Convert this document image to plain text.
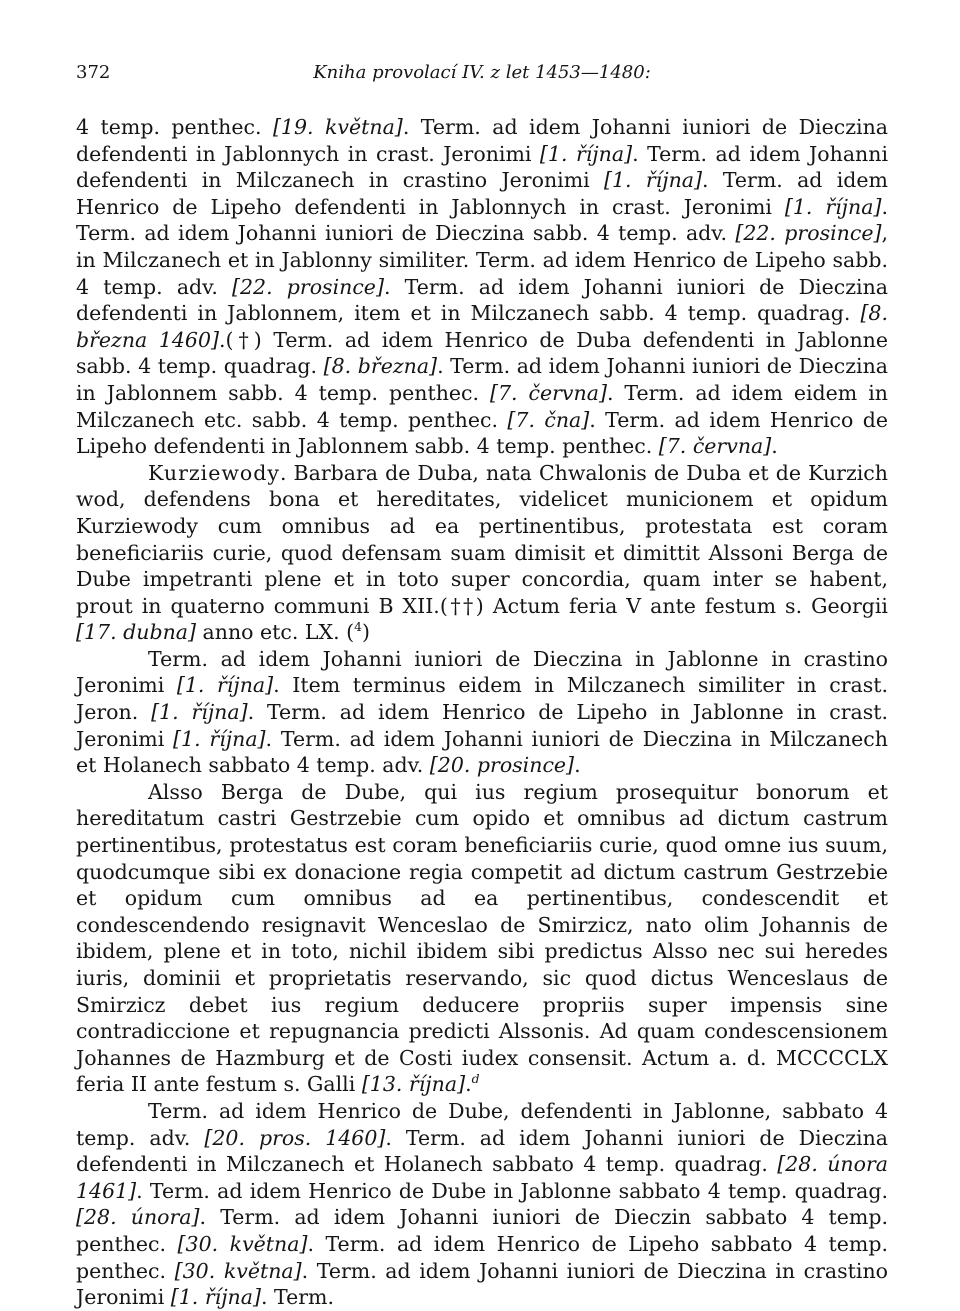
372	Kniha provolací IV. z let 1453—1480:

4 temp. penthec. [19. května]. Term. ad idem Johanni iuniori de Dieczina defendenti in Jablonnych in crast. Jeronimi [1. října]. Term. ad idem Johanni defendenti in Milczanech in crastino Jeronimi [1. října]. Term. ad idem Henrico de Lipeho defendenti in Jablonnych in crast. Jeronimi [1. října]. Term. ad idem Johanni iuniori de Dieczina sabb. 4 temp. adv. [22. prosince], in Milczanech et in Jablonny similiter. Term. ad idem Henrico de Lipeho sabb. 4 temp. adv. [22. prosince]. Term. ad idem Johanni iuniori de Dieczina defendenti in Jablonnem, item et in Milczanech sabb. 4 temp. quadrag. [8. března 1460].(†) Term. ad idem Henrico de Duba defendenti in Jablonne sabb. 4 temp. quadrag. [8. března]. Term. ad idem Johanni iuniori de Dieczina in Jablonnem sabb. 4 temp. penthec. [7. června]. Term. ad idem eidem in Milczanech etc. sabb. 4 temp. penthec. [7. čna]. Term. ad idem Henrico de Lipeho defendenti in Jablonnem sabb. 4 temp. penthec. [7. června].

Kurziewody. Barbara de Duba, nata Chwalonis de Duba et de Kurzich wod, defendens bona et hereditates, videlicet municionem et opidum Kurziewody cum omnibus ad ea pertinentibus, protestata est coram beneficiariis curie, quod defensam suam dimisit et dimittit Alssoni Berga de Dube impetranti plene et in toto super concordia, quam inter se habent, prout in quaterno communi B XII.(††) Actum feria V ante festum s. Georgii [17. dubna] anno etc. LX. ($^4$)

Term. ad idem Johanni iuniori de Dieczina in Jablonne in crastino Jeronimi [1. října]. Item terminus eidem in Milczanech similiter in crast. Jeron. [1. října]. Term. ad idem Henrico de Lipeho in Jablonne in crast. Jeronimi [1. října]. Term. ad idem Johanni iuniori de Dieczina in Milczanech et Holanech sabbato 4 temp. adv. [20. prosince].

Alsso Berga de Dube, qui ius regium prosequitur bonorum et hereditatum castri Gestrzebie cum opido et omnibus ad dictum castrum pertinentibus, protestatus est coram beneficiariis curie, quod omne ius suum, quodcumque sibi ex donacione regia competit ad dictum castrum Gestrzebie et opidum cum omnibus ad ea pertinentibus, condescendit et condescendendo resignavit Wenceslao de Smirzicz, nato olim Johannis de ibidem, plene et in toto, nichil ibidem sibi predictus Alsso nec sui heredes iuris, dominii et proprietatis reservando, sic quod dictus Wenceslaus de Smirzicz debet ius regium deducere propriis super impensis sine contradiccione et repugnancia predicti Alssonis. Ad quam condescensionem Johannes de Hazmburg et de Costi iudex consensit. Actum a. d. MCCCCLX feria II ante festum s. Galli [13. října].$^d$

Term. ad idem Henrico de Dube, defendenti in Jablonne, sabbato 4 temp. adv. [20. pros. 1460]. Term. ad idem Johanni iuniori de Dieczina defendenti in Milczanech et Holanech sabbato 4 temp. quadrag. [28. února 1461]. Term. ad idem Henrico de Dube in Jablonne sabbato 4 temp. quadrag. [28. února]. Term. ad idem Johanni iuniori de Dieczin sabbato 4 temp. penthec. [30. května]. Term. ad idem Henrico de Lipeho sabbato 4 temp. penthec. [30. května]. Term. ad idem Johanni iuniori de Dieczina in crastino Jeronimi [1. října]. Term.
